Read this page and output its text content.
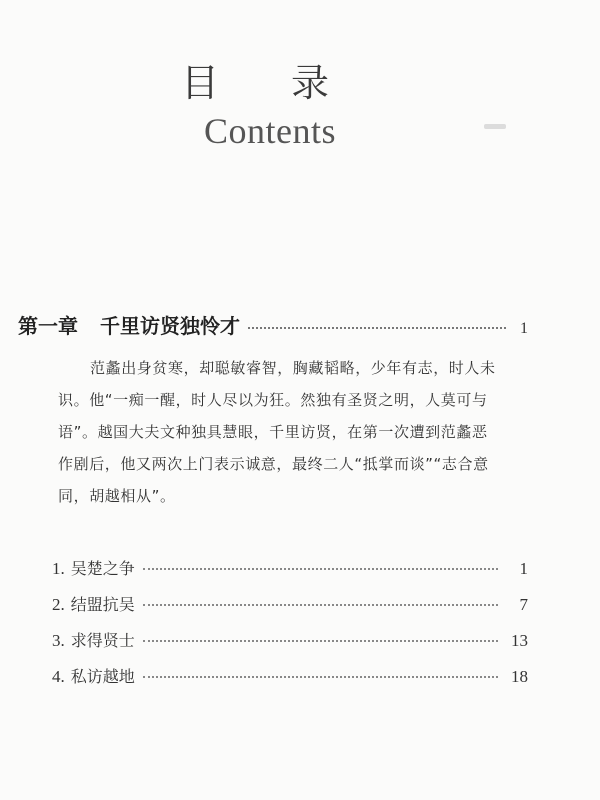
目 录
Contents
第一章 千里访贤独怜才	1

范蠡出身贫寒，却聪敏睿智，胸藏韬略，少年有志，时人未识。他“一痴一醒，时人尽以为狂。然独有圣贤之明，人莫可与语”。越国大夫文种独具慧眼，千里访贤，在第一次遭到范蠡恶作剧后，他又两次上门表示诚意，最终二人“抵掌而谈”“志合意同，胡越相从”。

1. 吴楚之争	1
2. 结盟抗吴	7
3. 求得贤士	13
4. 私访越地	18
